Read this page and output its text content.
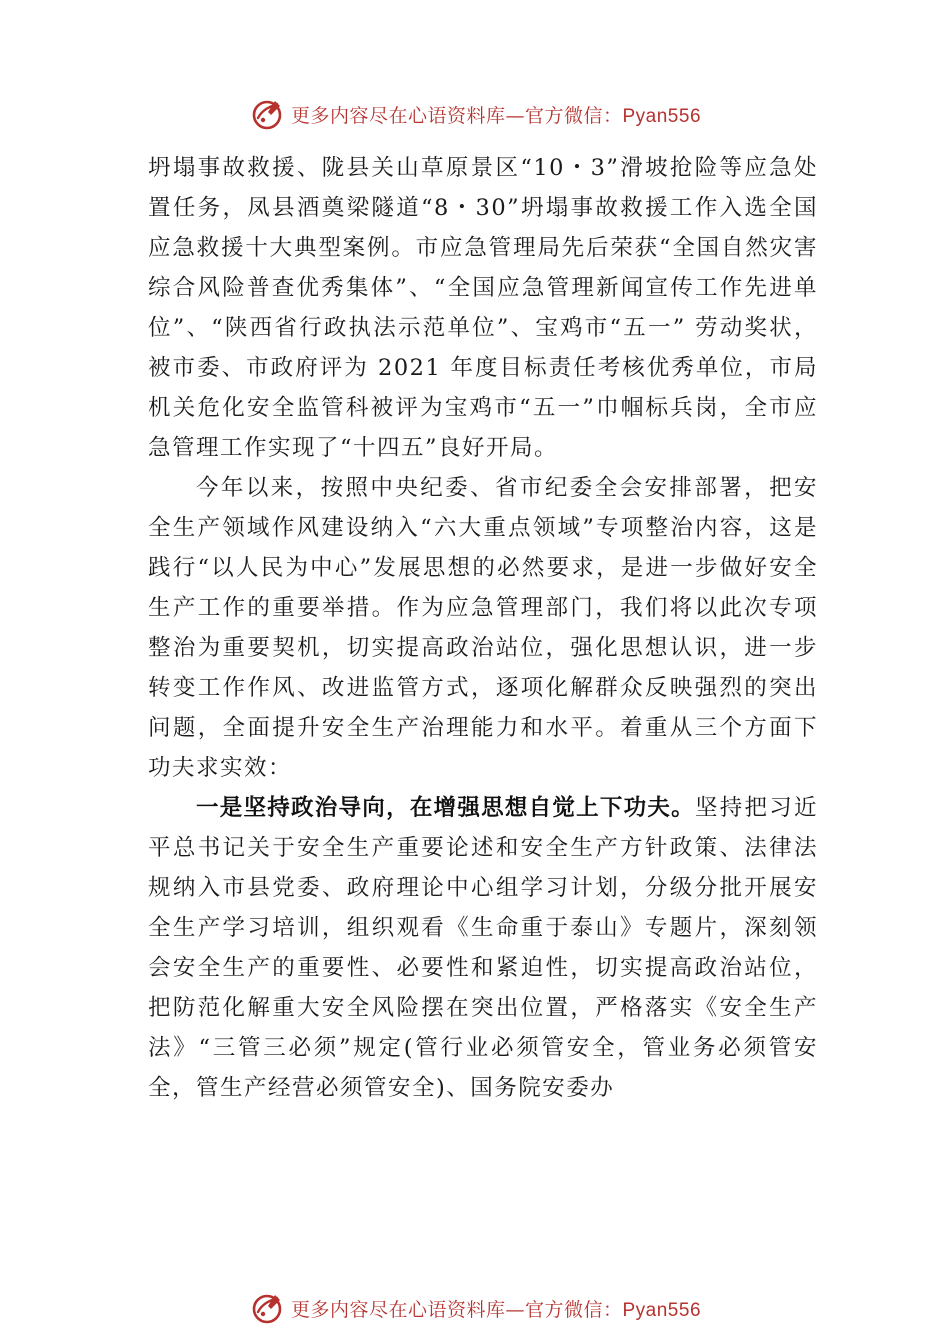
更多内容尽在心语资料库—官方微信：Pyan556

坍塌事故救援、陇县关山草原景区“10・3”滑坡抢险等应急处置任务，凤县酒奠梁隧道“8・30”坍塌事故救援工作入选全国应急救援十大典型案例。市应急管理局先后荣获“全国自然灾害综合风险普查优秀集体”、“全国应急管理新闻宣传工作先进单位”、“陕西省行政执法示范单位”、宝鸡市“五一” 劳动奖状，被市委、市政府评为 2021 年度目标责任考核优秀单位，市局机关危化安全监管科被评为宝鸡市“五一”巾帼标兵岗，全市应急管理工作实现了“十四五”良好开局。

今年以来，按照中央纪委、省市纪委全会安排部署，把安全生产领域作风建设纳入“六大重点领域”专项整治内容，这是践行“以人民为中心”发展思想的必然要求，是进一步做好安全生产工作的重要举措。作为应急管理部门，我们将以此次专项整治为重要契机，切实提高政治站位，强化思想认识，进一步转变工作作风、改进监管方式，逐项化解群众反映强烈的突出问题，全面提升安全生产治理能力和水平。着重从三个方面下功夫求实效：

一是坚持政治导向，在增强思想自觉上下功夫。坚持把习近平总书记关于安全生产重要论述和安全生产方针政策、法律法规纳入市县党委、政府理论中心组学习计划，分级分批开展安全生产学习培训，组织观看《生命重于泰山》专题片，深刻领会安全生产的重要性、必要性和紧迫性，切实提高政治站位，把防范化解重大安全风险摆在突出位置，严格落实《安全生产法》“三管三必须”规定(管行业必须管安全，管业务必须管安全，管生产经营必须管安全)、国务院安委办

更多内容尽在心语资料库—官方微信：Pyan556
